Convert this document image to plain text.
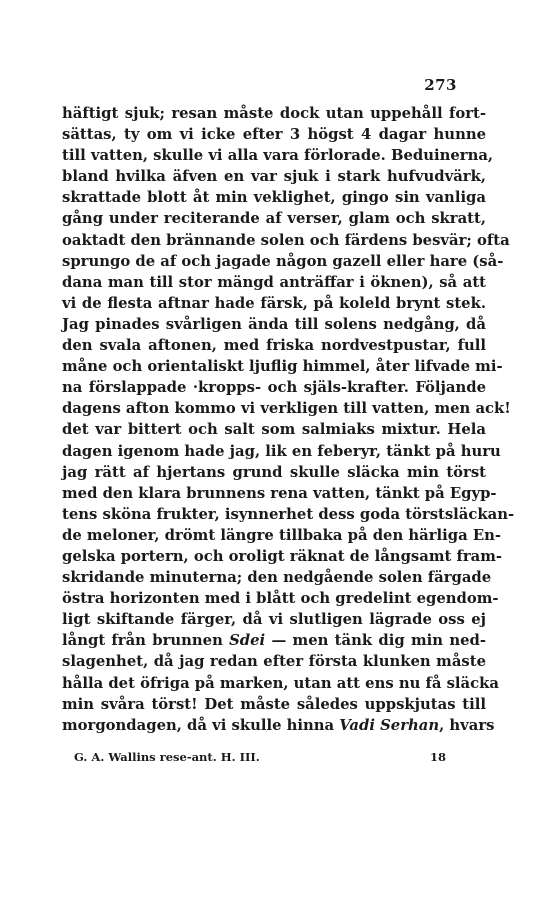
273
häftigt sjuk; resan måste dock utan uppehåll fort-
sättas, ty om vi icke efter 3 högst 4 dagar hunne
till vatten, skulle vi alla vara förlorade. Beduinerna,
bland hvilka äfven en var sjuk i stark hufvudvärk,
skrattade blott åt min veklighet, gingo sin vanliga
gång under reciterande af verser, glam och skratt,
oaktadt den brännande solen och färdens besvär; ofta
sprungo de af och jagade någon gazell eller hare (så-
dana man till stor mängd anträffar i öknen), så att
vi de flesta aftnar hade färsk, på koleld brynt stek.
Jag pinades svårligen ända till solens nedgång, då
den svala aftonen, med friska nordvestpustar, full
måne och orientaliskt ljuflig himmel, åter lifvade mi-
na förslappade ·kropps- och själs-krafter. Följande
dagens afton kommo vi verkligen till vatten, men ack!
det var bittert och salt som salmiaks mixtur. Hela
dagen igenom hade jag, lik en feberyr, tänkt på huru
jag rätt af hjertans grund skulle släcka min törst
med den klara brunnens rena vatten, tänkt på Egyp-
tens sköna frukter, isynnerhet dess goda törstsläckan-
de meloner, drömt längre tillbaka på den härliga En-
gelska portern, och oroligt räknat de långsamt fram-
skridande minuterna; den nedgående solen färgade
östra horizonten med i blått och gredelint egendom-
ligt skiftande färger, då vi slutligen lägrade oss ej
långt från brunnen Sdei — men tänk dig min ned-
slagenhet, då jag redan efter första klunken måste
hålla det öfriga på marken, utan att ens nu få släcka
min svåra törst! Det måste således uppskjutas till
morgondagen, då vi skulle hinna Vadi Serhan, hvars
G. A. Wallins rese-ant. H. III.	18
